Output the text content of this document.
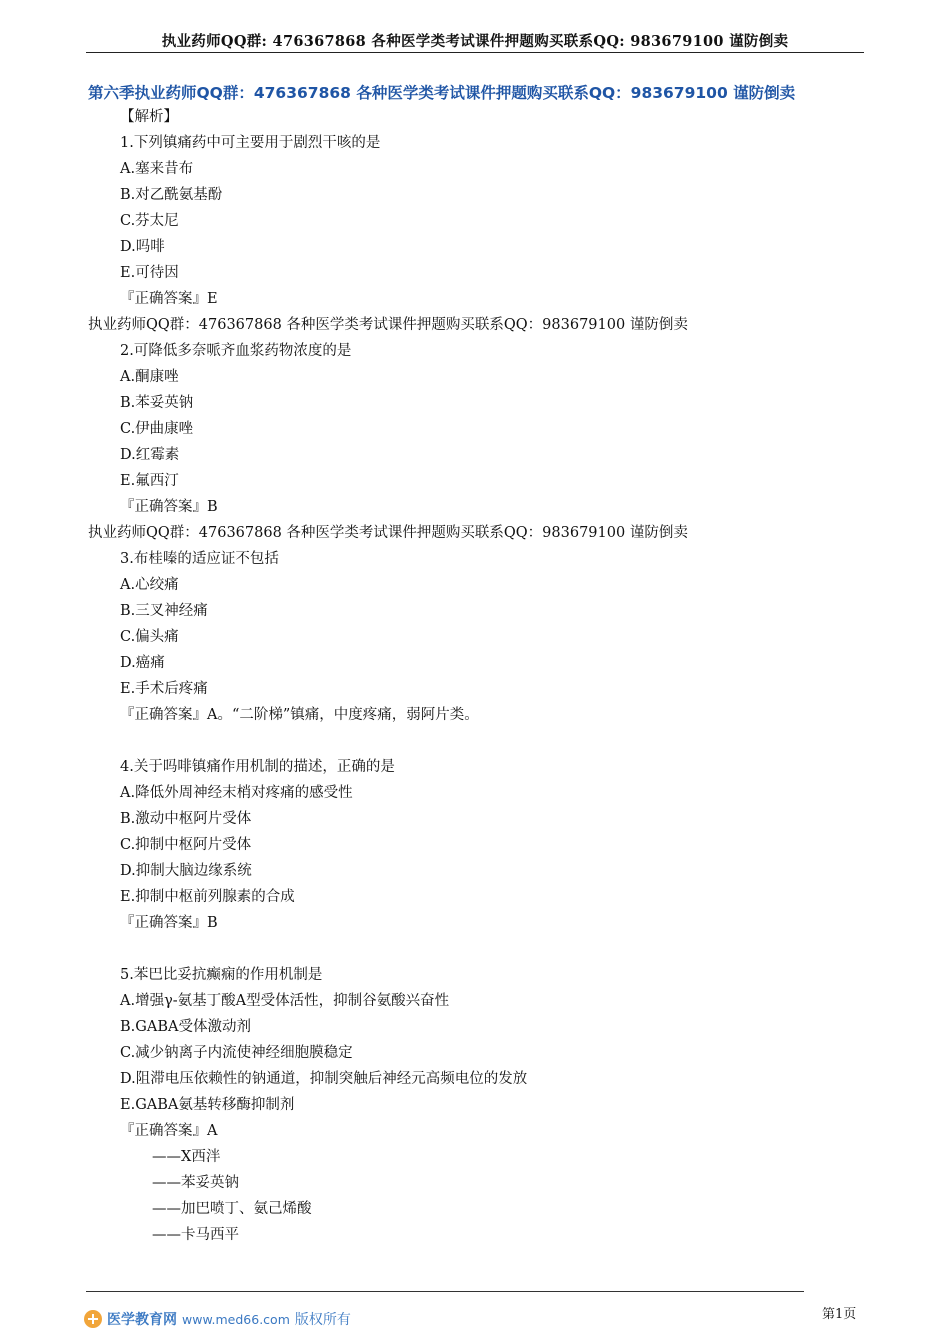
执业药师QQ群: 476367868 各种医学类考试课件押题购买联系QQ: 983679100 谨防倒卖
第六季执业药师QQ群：476367868 各种医学类考试课件押题购买联系QQ：983679100 谨防倒卖
【解析】
1.下列镇痛药中可主要用于剧烈干咳的是
A.塞来昔布
B.对乙酰氨基酚
C.芬太尼
D.吗啡
E.可待因
『正确答案』E
执业药师QQ群：476367868 各种医学类考试课件押题购买联系QQ：983679100 谨防倒卖
2.可降低多奈哌齐血浆药物浓度的是
A.酮康唑
B.苯妥英钠
C.伊曲康唑
D.红霉素
E.氟西汀
『正确答案』B
执业药师QQ群：476367868 各种医学类考试课件押题购买联系QQ：983679100 谨防倒卖
3.布桂嗪的适应证不包括
A.心绞痛
B.三叉神经痛
C.偏头痛
D.癌痛
E.手术后疼痛
『正确答案』A。“二阶梯”镇痛，中度疼痛，弱阿片类。
4.关于吗啡镇痛作用机制的描述，正确的是
A.降低外周神经末梢对疼痛的感受性
B.激动中枢阿片受体
C.抑制中枢阿片受体
D.抑制大脑边缘系统
E.抑制中枢前列腺素的合成
『正确答案』B
5.苯巴比妥抗癫痫的作用机制是
A.增强γ-氨基丁酸A型受体活性，抑制谷氨酸兴奋性
B.GABA受体激动剂
C.减少钠离子内流使神经细胞膜稳定
D.阻滞电压依赖性的钠通道，抑制突触后神经元高频电位的发放
E.GABA氨基转移酶抑制剂
『正确答案』A
——X西泮
——苯妥英钠
——加巴喷丁、氨己烯酸
——卡马西平
医学教育网 www.med66.com 版权所有	第1页
